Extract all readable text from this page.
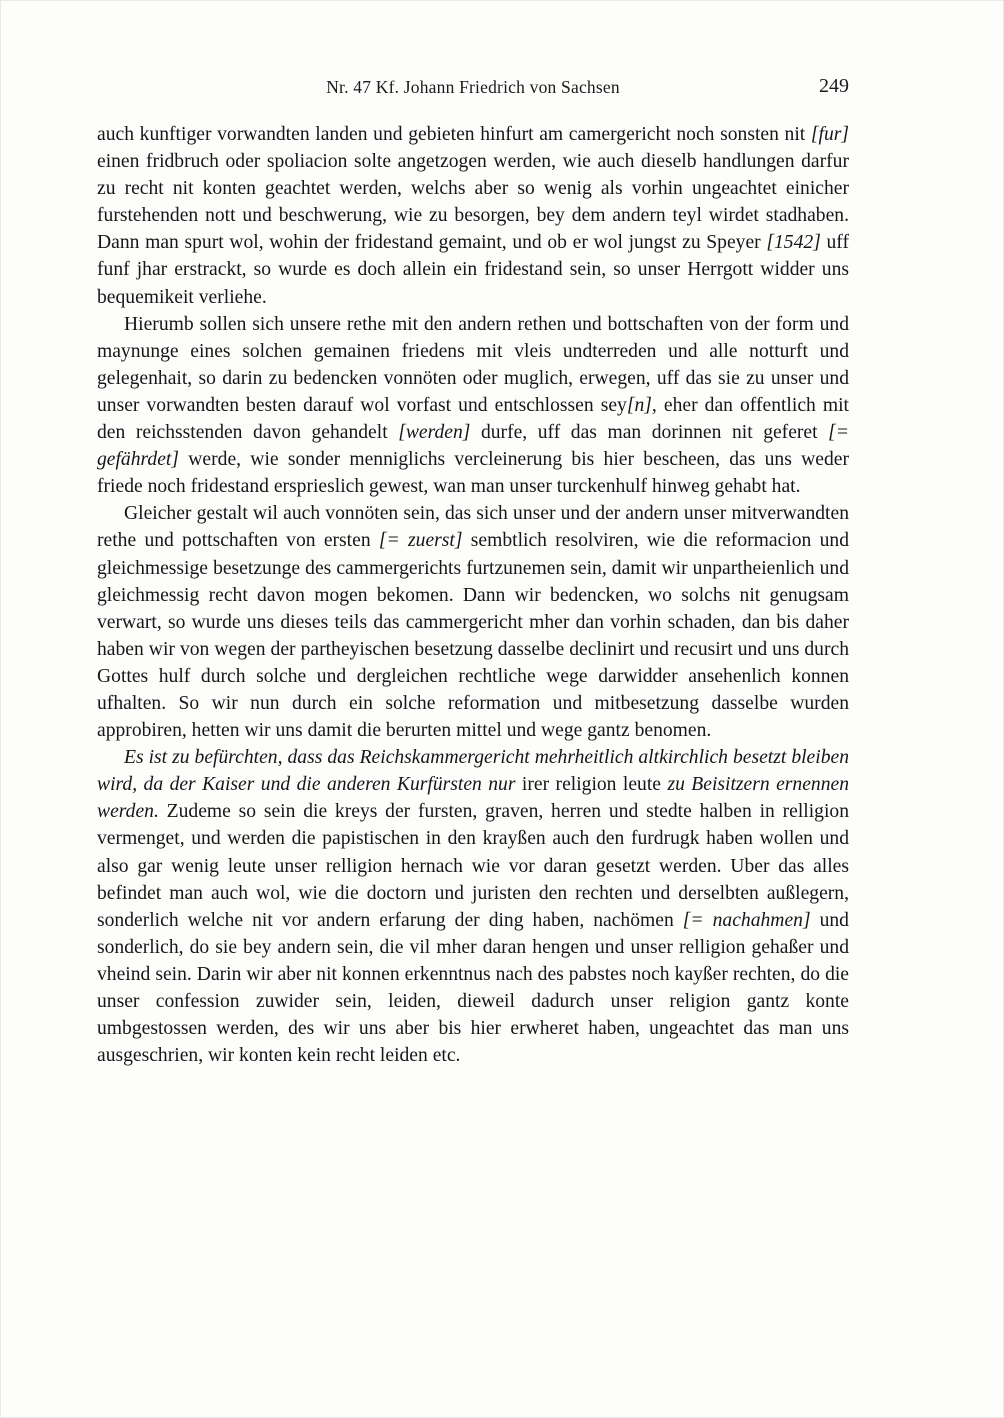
Nr. 47 Kf. Johann Friedrich von Sachsen	249

auch kunftiger vorwandten landen und gebieten hinfurt am camergericht noch sonsten nit [fur] einen fridbruch oder spoliacion solte angetzogen werden, wie auch dieselb handlungen darfur zu recht nit konten geachtet werden, welchs aber so wenig als vorhin ungeachtet einicher furstehenden nott und beschwerung, wie zu besorgen, bey dem andern teyl wirdet stadhaben. Dann man spurt wol, wohin der fridestand gemaint, und ob er wol jungst zu Speyer [1542] uff funf jhar erstrackt, so wurde es doch allein ein fridestand sein, so unser Herrgott widder uns bequemikeit verliehe.

Hierumb sollen sich unsere rethe mit den andern rethen und bottschaften von der form und maynunge eines solchen gemainen friedens mit vleis undterreden und alle notturft und gelegenhait, so darin zu bedencken vonnöten oder muglich, erwegen, uff das sie zu unser und unser vorwandten besten darauf wol vorfast und entschlossen sey[n], eher dan offentlich mit den reichsstenden davon gehandelt [werden] durfe, uff das man dorinnen nit geferet [= gefährdet] werde, wie sonder menniglichs vercleinerung bis hier bescheen, das uns weder friede noch fridestand ersprieslich gewest, wan man unser turckenhulf hinweg gehabt hat.

Gleicher gestalt wil auch vonnöten sein, das sich unser und der andern unser mitverwandten rethe und pottschaften von ersten [= zuerst] sembtlich resolviren, wie die reformacion und gleichmessige besetzunge des cammergerichts furtzunemen sein, damit wir unpartheienlich und gleichmessig recht davon mogen bekomen. Dann wir bedencken, wo solchs nit genugsam verwart, so wurde uns dieses teils das cammergericht mher dan vorhin schaden, dan bis daher haben wir von wegen der partheyischen besetzung dasselbe declinirt und recusirt und uns durch Gottes hulf durch solche und dergleichen rechtliche wege darwidder ansehenlich konnen ufhalten. So wir nun durch ein solche reformation und mitbesetzung dasselbe wurden approbiren, hetten wir uns damit die berurten mittel und wege gantz benomen.

Es ist zu befürchten, dass das Reichskammergericht mehrheitlich altkirchlich besetzt bleiben wird, da der Kaiser und die anderen Kurfürsten nur irer religion leute zu Beisitzern ernennen werden. Zudeme so sein die kreys der fursten, graven, herren und stedte halben in relligion vermenget, und werden die papistischen in den krayßen auch den furdrugk haben wollen und also gar wenig leute unser relligion hernach wie vor daran gesetzt werden. Uber das alles befindet man auch wol, wie die doctorn und juristen den rechten und derselbten außlegern, sonderlich welche nit vor andern erfarung der ding haben, nachömen [= nachahmen] und sonderlich, do sie bey andern sein, die vil mher daran hengen und unser relligion gehaßer und vheind sein. Darin wir aber nit konnen erkenntnus nach des pabstes noch kayßer rechten, do die unser confession zuwider sein, leiden, dieweil dadurch unser religion gantz konte umbgestossen werden, des wir uns aber bis hier erwheret haben, ungeachtet das man uns ausgeschrien, wir konten kein recht leiden etc.
